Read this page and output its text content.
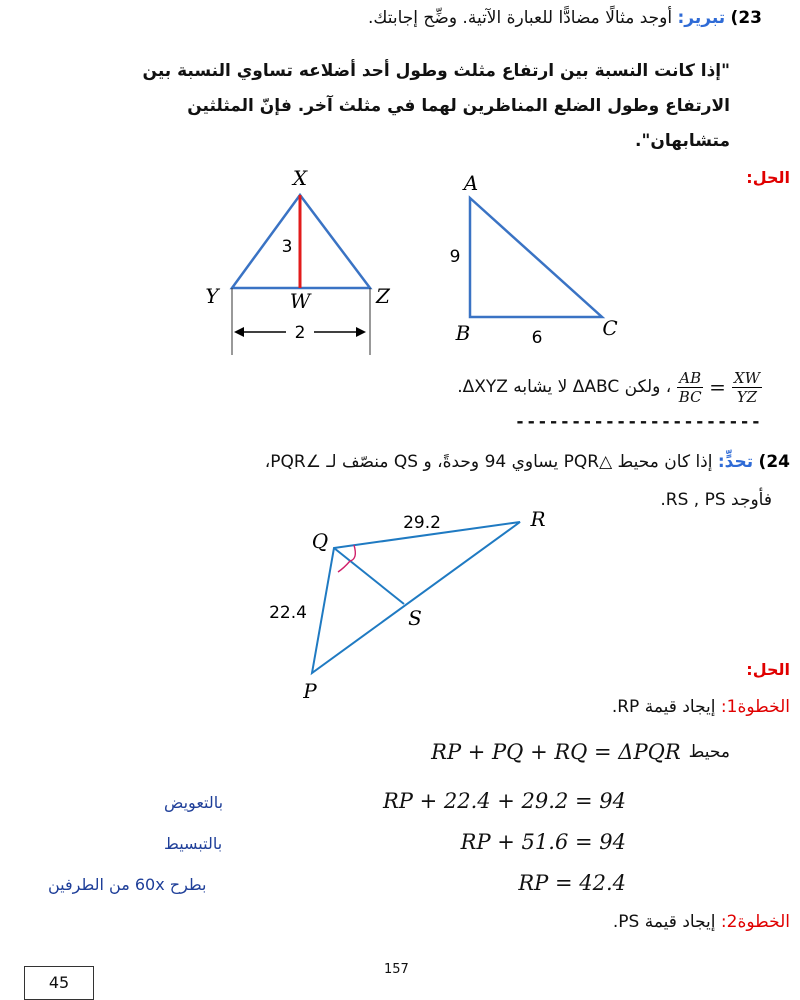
23) تبرير: أوجد مثالًا مضادًّا للعبارة الآتية. وضِّح إجابتك.
"إذا كانت النسبة بين ارتفاع مثلث وطول أحد أضلاعه تساوي النسبة بين
الارتفاع وطول الضلع المناظرين لهما في مثلث آخر. فإنّ المثلثين
متشابهان".
الحل:
X
Y	Z
W
3
2
A
B	C
9
6
$\frac{XW}{YZ}$
=
$\frac{AB}{BC}$
، ولكن ΔABC لا يشابه ΔXYZ.
----------------------
24) تحدٍّ: إذا كان محيط △PQR يساوي 94 وحدةً، و QS منصّف لـ ∠PQR،
فأوجد RS , PS.
Q
R
P
S
29.2
22.4
الحل:
الخطوة1: إيجاد قيمة RP.
محيط
RP + PQ + RQ = ΔPQR
RP + 22.4 + 29.2 = 94
بالتعويض
RP + 51.6 = 94
بالتبسيط
RP = 42.4
بطرح 60x من الطرفين
الخطوة2: إيجاد قيمة PS.
157
45
